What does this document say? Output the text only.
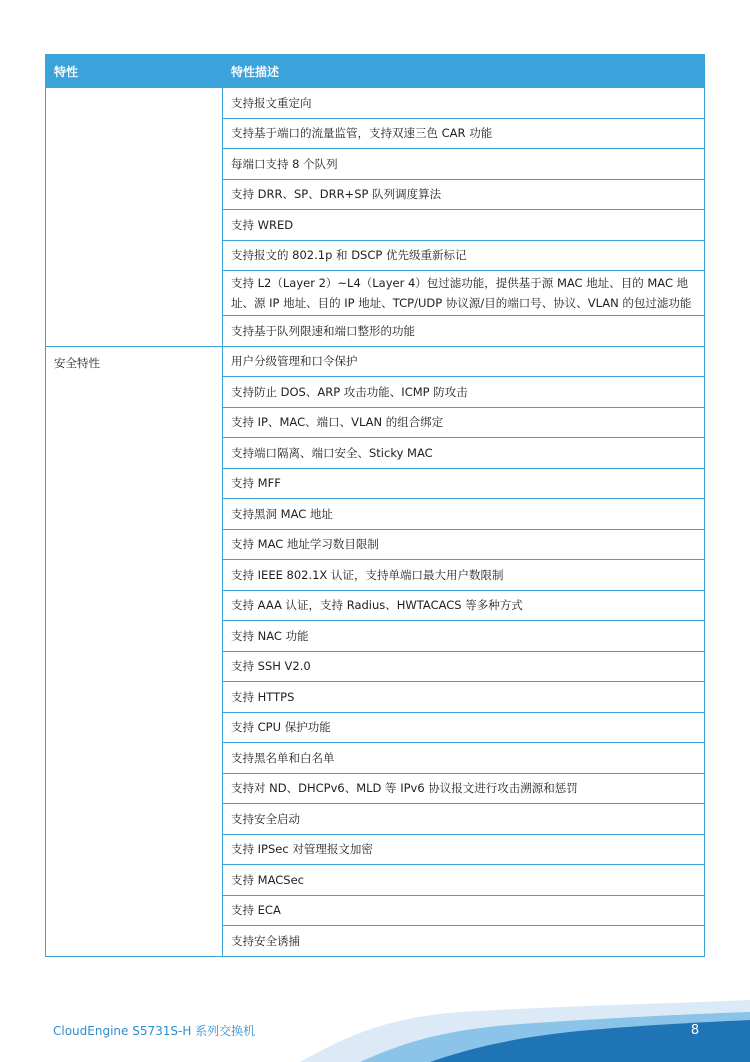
特性	特性描述
	支持报文重定向
	支持基于端口的流量监管，支持双速三色 CAR 功能
	每端口支持 8 个队列
	支持 DRR、SP、DRR+SP 队列调度算法
	支持 WRED
	支持报文的 802.1p 和 DSCP 优先级重新标记
	支持 L2（Layer 2）~L4（Layer 4）包过滤功能，提供基于源 MAC 地址、目的 MAC 地址、源 IP 地址、目的 IP 地址、TCP/UDP 协议源/目的端口号、协议、VLAN 的包过滤功能
	支持基于队列限速和端口整形的功能
安全特性	用户分级管理和口令保护
	支持防止 DOS、ARP 攻击功能、ICMP 防攻击
	支持 IP、MAC、端口、VLAN 的组合绑定
	支持端口隔离、端口安全、Sticky MAC
	支持 MFF
	支持黑洞 MAC 地址
	支持 MAC 地址学习数目限制
	支持 IEEE 802.1X 认证，支持单端口最大用户数限制
	支持 AAA 认证，支持 Radius、HWTACACS 等多种方式
	支持 NAC 功能
	支持 SSH V2.0
	支持 HTTPS
	支持 CPU 保护功能
	支持黑名单和白名单
	支持对 ND、DHCPv6、MLD 等 IPv6 协议报文进行攻击溯源和惩罚
	支持安全启动
	支持 IPSec 对管理报文加密
	支持 MACSec
	支持 ECA
	支持安全诱捕
CloudEngine S5731S-H 系列交换机	8
